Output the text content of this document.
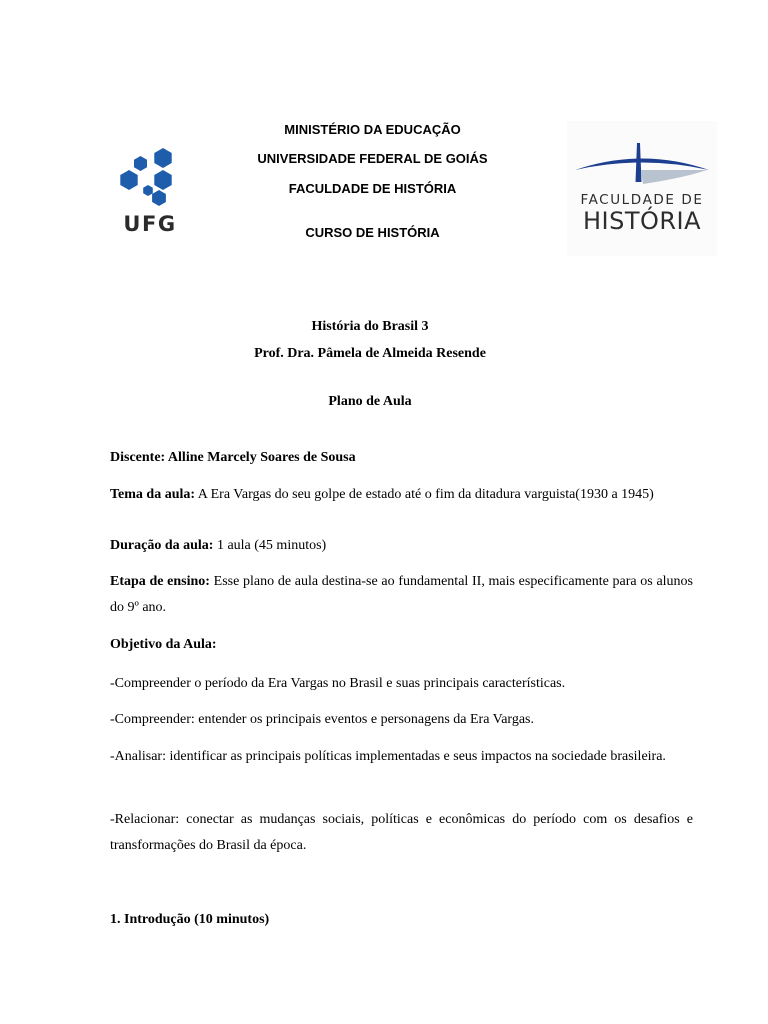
UFG
MINISTÉRIO DA EDUCAÇÃO
UNIVERSIDADE FEDERAL DE GOIÁS
FACULDADE DE HISTÓRIA
CURSO DE HISTÓRIA
FACULDADE DE
HISTÓRIA
História do Brasil 3
Prof. Dra. Pâmela de Almeida Resende
Plano de Aula
Discente: Alline Marcely Soares de Sousa
Tema da aula: A Era Vargas do seu golpe de estado até o fim da ditadura varguista(1930 a 1945)
Duração da aula: 1 aula (45 minutos)
Etapa de ensino: Esse plano de aula destina-se ao fundamental II, mais especificamente para os alunos do 9º ano.
Objetivo da Aula:
-Compreender o período da Era Vargas no Brasil e suas principais características.
-Compreender: entender os principais eventos e personagens da Era Vargas.
-Analisar: identificar as principais políticas implementadas e seus impactos na sociedade brasileira.
-Relacionar: conectar as mudanças sociais, políticas e econômicas do período com os desafios e transformações do Brasil da época.
1. Introdução (10 minutos)
